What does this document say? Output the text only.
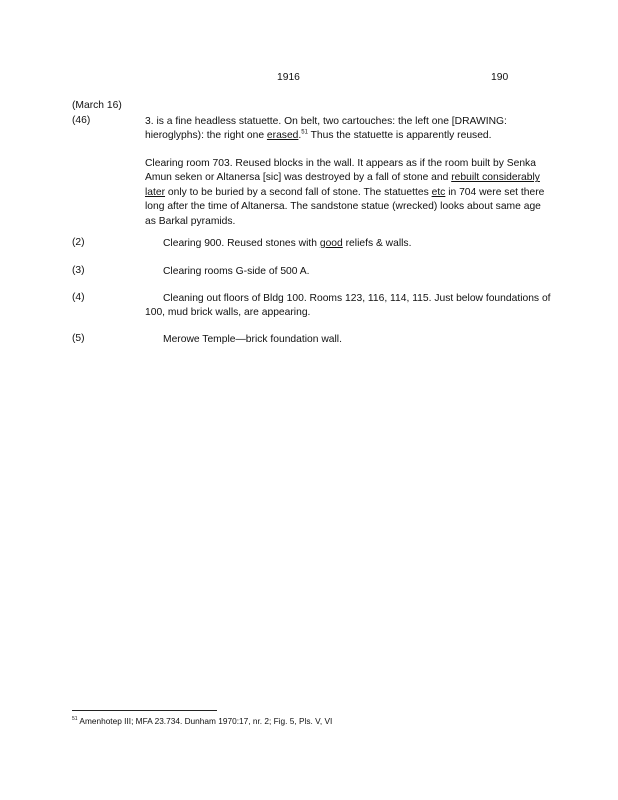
1916	190
(March 16)
(46)	3. is a fine headless statuette. On belt, two cartouches: the left one [DRAWING:
hieroglyphs): the right one erased.$^{51}$ Thus the statuette is apparently reused.
Clearing room 703. Reused blocks in the wall. It appears as if the room built by Senka
Amun seken or Altanersa [sic] was destroyed by a fall of stone and rebuilt considerably
later only to be buried by a second fall of stone. The statuettes etc in 704 were set there
long after the time of Altanersa. The sandstone statue (wrecked) looks about same age
as Barkal pyramids.
(2)	Clearing 900. Reused stones with good reliefs & walls.
(3)	Clearing rooms G-side of 500 A.
(4)	Cleaning out floors of Bldg 100. Rooms 123, 116, 114, 115. Just below foundations of
100, mud brick walls, are appearing.
(5)	Merowe Temple—brick foundation wall.
$^{51}$ Amenhotep III; MFA 23.734. Dunham 1970:17, nr. 2; Fig. 5, Pls. V, VI
